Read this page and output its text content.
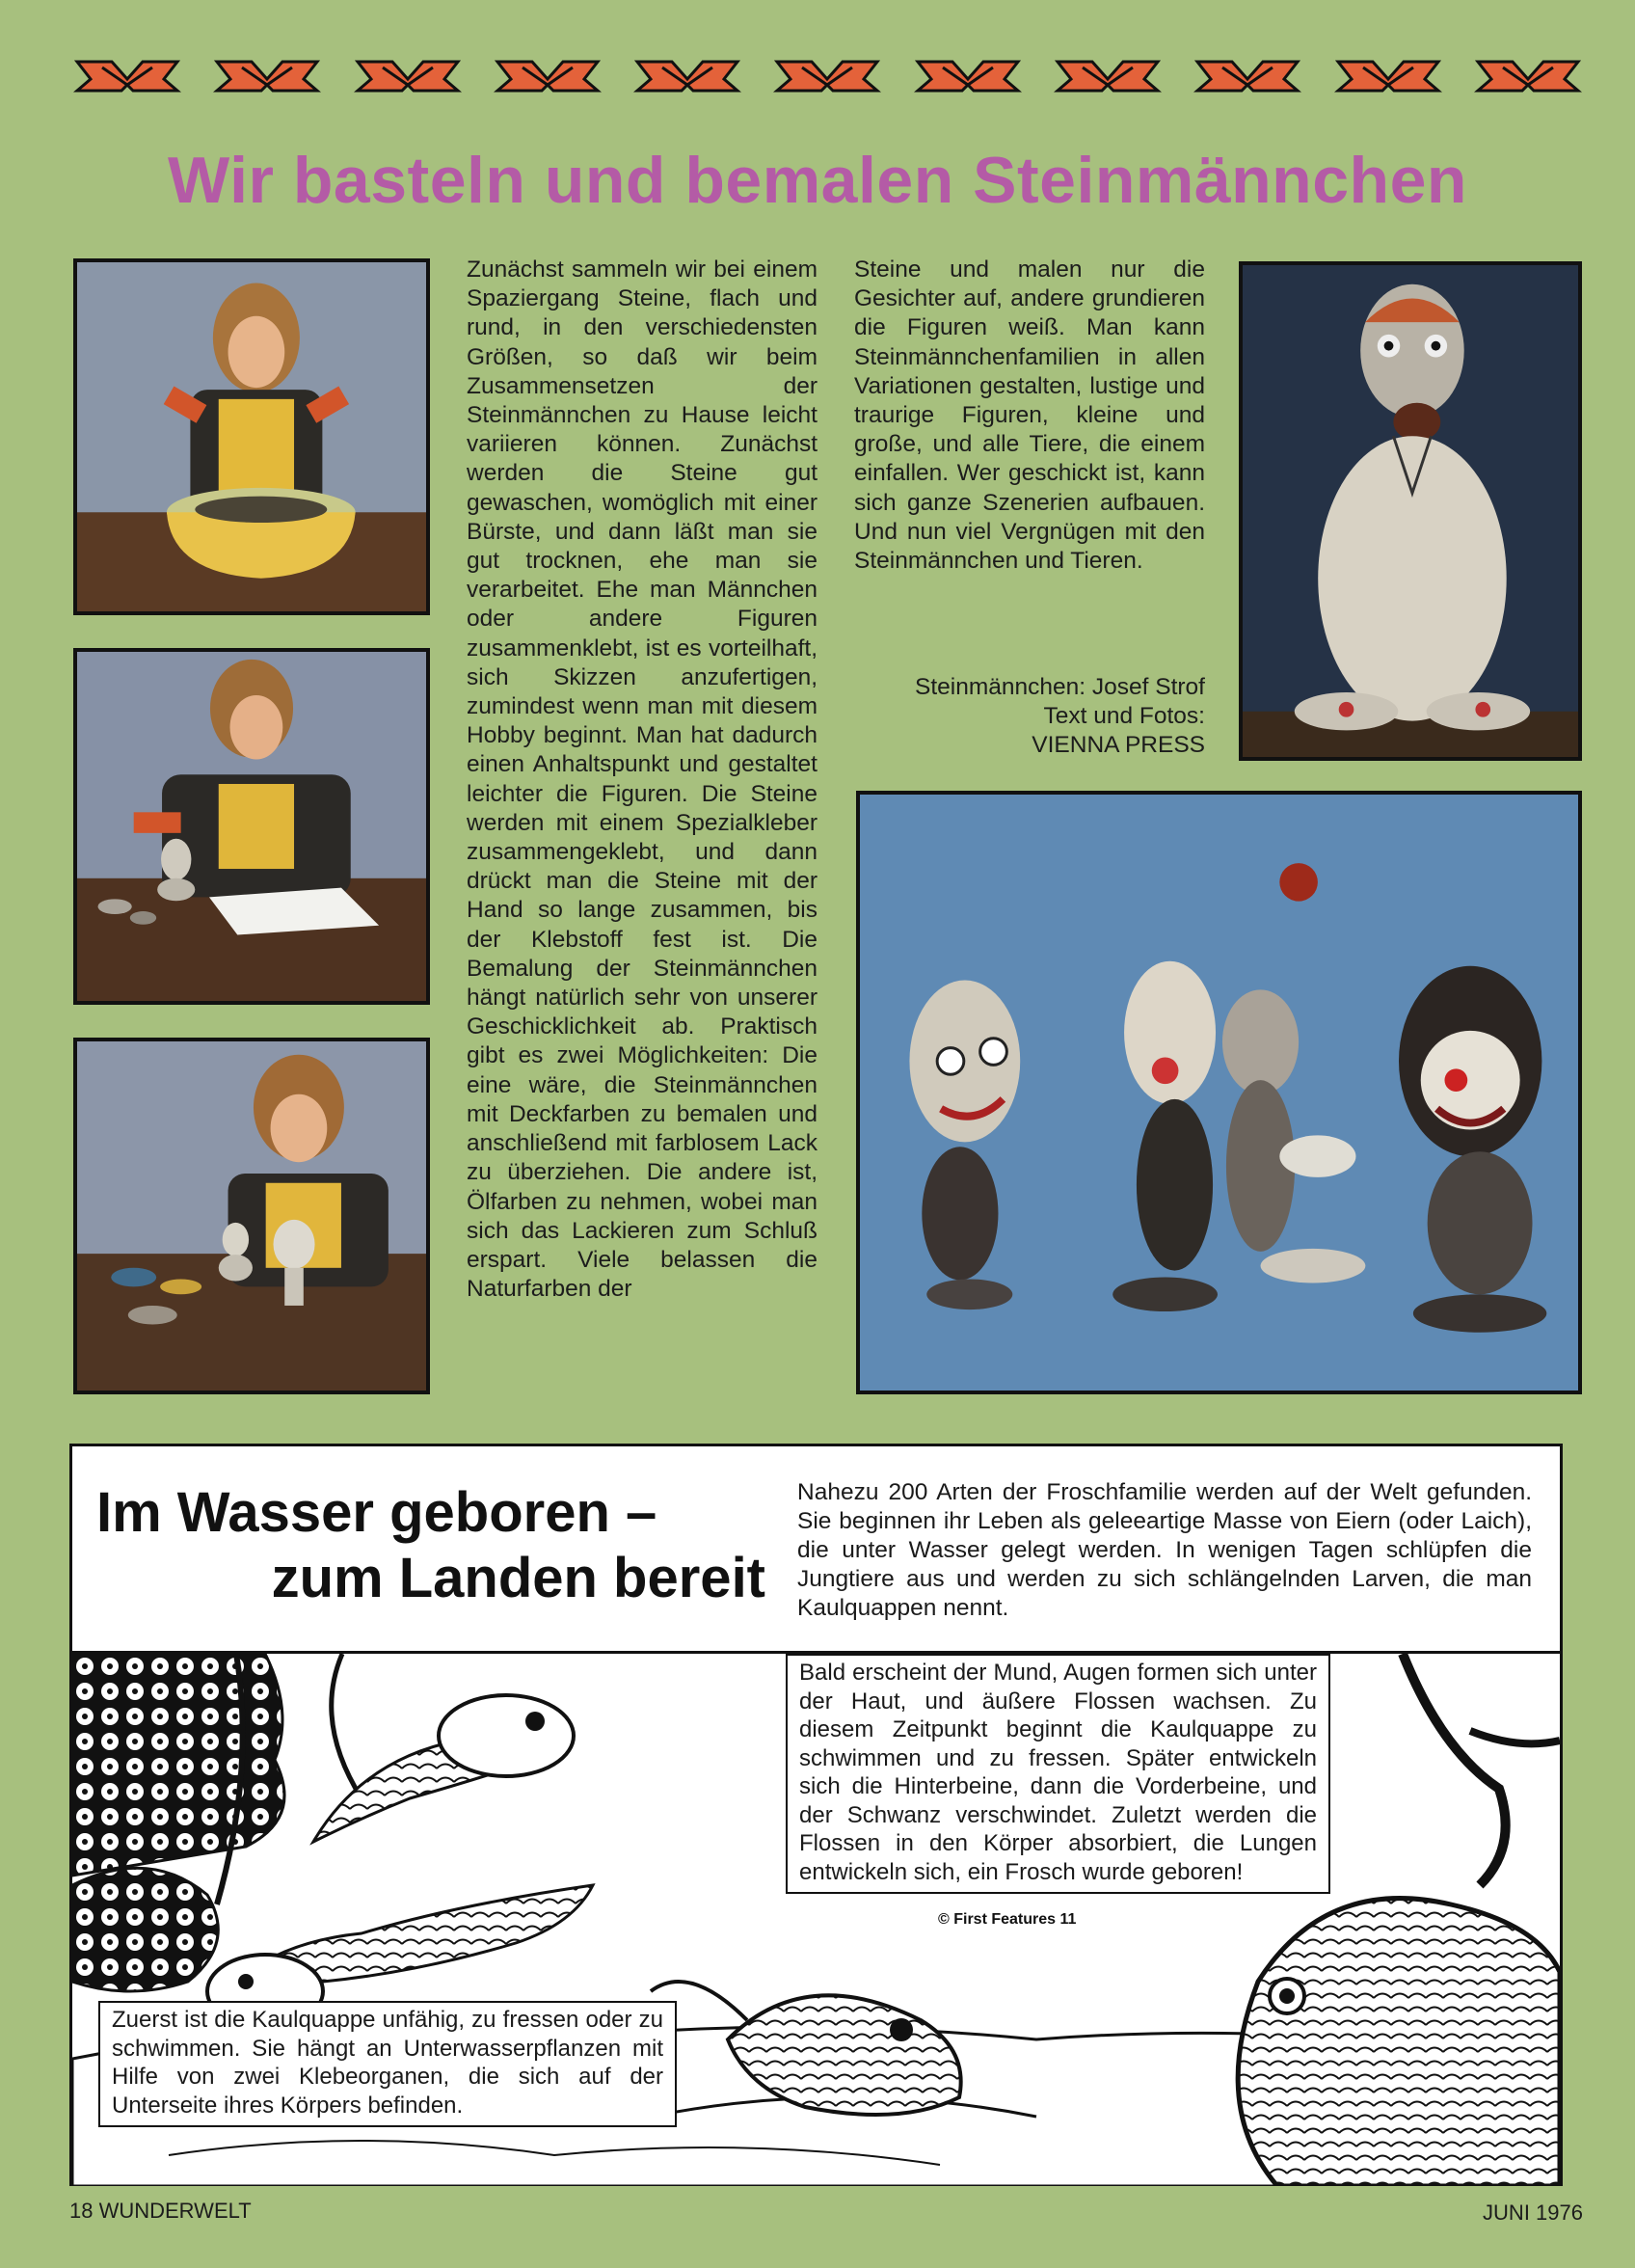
Wir basteln und bemalen Steinmännchen
Zunächst sammeln wir bei einem Spaziergang Steine, flach und rund, in den verschiedensten Größen, so daß wir beim Zusammensetzen der Steinmännchen zu Hause leicht variieren können. Zunächst werden die Steine gut gewaschen, womöglich mit einer Bürste, und dann läßt man sie gut trocknen, ehe man sie verarbeitet. Ehe man Männchen oder andere Figuren zusammenklebt, ist es vorteilhaft, sich Skizzen anzufertigen, zumindest wenn man mit diesem Hobby beginnt. Man hat dadurch einen Anhaltspunkt und gestaltet leichter die Figuren. Die Steine werden mit einem Spezialkleber zusammengeklebt, und dann drückt man die Steine mit der Hand so lange zusammen, bis der Klebstoff fest ist. Die Bemalung der Steinmännchen hängt natürlich sehr von unserer Geschicklichkeit ab. Praktisch gibt es zwei Möglichkeiten: Die eine wäre, die Steinmännchen mit Deckfarben zu bemalen und anschließend mit farblosem Lack zu überziehen. Die andere ist, Ölfarben zu nehmen, wobei man sich das Lackieren zum Schluß erspart. Viele belassen die Naturfarben der
Steine und malen nur die Gesichter auf, andere grundieren die Figuren weiß. Man kann Steinmännchenfamilien in allen Variationen gestalten, lustige und traurige Figuren, kleine und große, und alle Tiere, die einem einfallen. Wer geschickt ist, kann sich ganze Szenerien aufbauen. Und nun viel Vergnügen mit den Steinmännchen und Tieren.
Steinmännchen: Josef Strof
Text und Fotos: VIENNA PRESS
Im Wasser geboren –
zum Landen bereit
Nahezu 200 Arten der Froschfamilie werden auf der Welt gefunden. Sie beginnen ihr Leben als geleeartige Masse von Eiern (oder Laich), die unter Wasser gelegt werden. In wenigen Tagen schlüpfen die Jungtiere aus und werden zu sich schlängelnden Larven, die man Kaulquappen nennt.
Bald erscheint der Mund, Augen formen sich unter der Haut, und äußere Flossen wachsen. Zu diesem Zeitpunkt beginnt die Kaulquappe zu schwimmen und zu fressen. Später entwickeln sich die Hinterbeine, dann die Vorderbeine, und der Schwanz verschwindet. Zuletzt werden die Flossen in den Körper absorbiert, die Lungen entwickeln sich, ein Frosch wurde geboren!
© First Features 11
Zuerst ist die Kaulquappe unfähig, zu fressen oder zu schwimmen. Sie hängt an Unterwasserpflanzen mit Hilfe von zwei Klebeorganen, die sich auf der Unterseite ihres Körpers befinden.
18 WUNDERWELT	JUNI 1976
